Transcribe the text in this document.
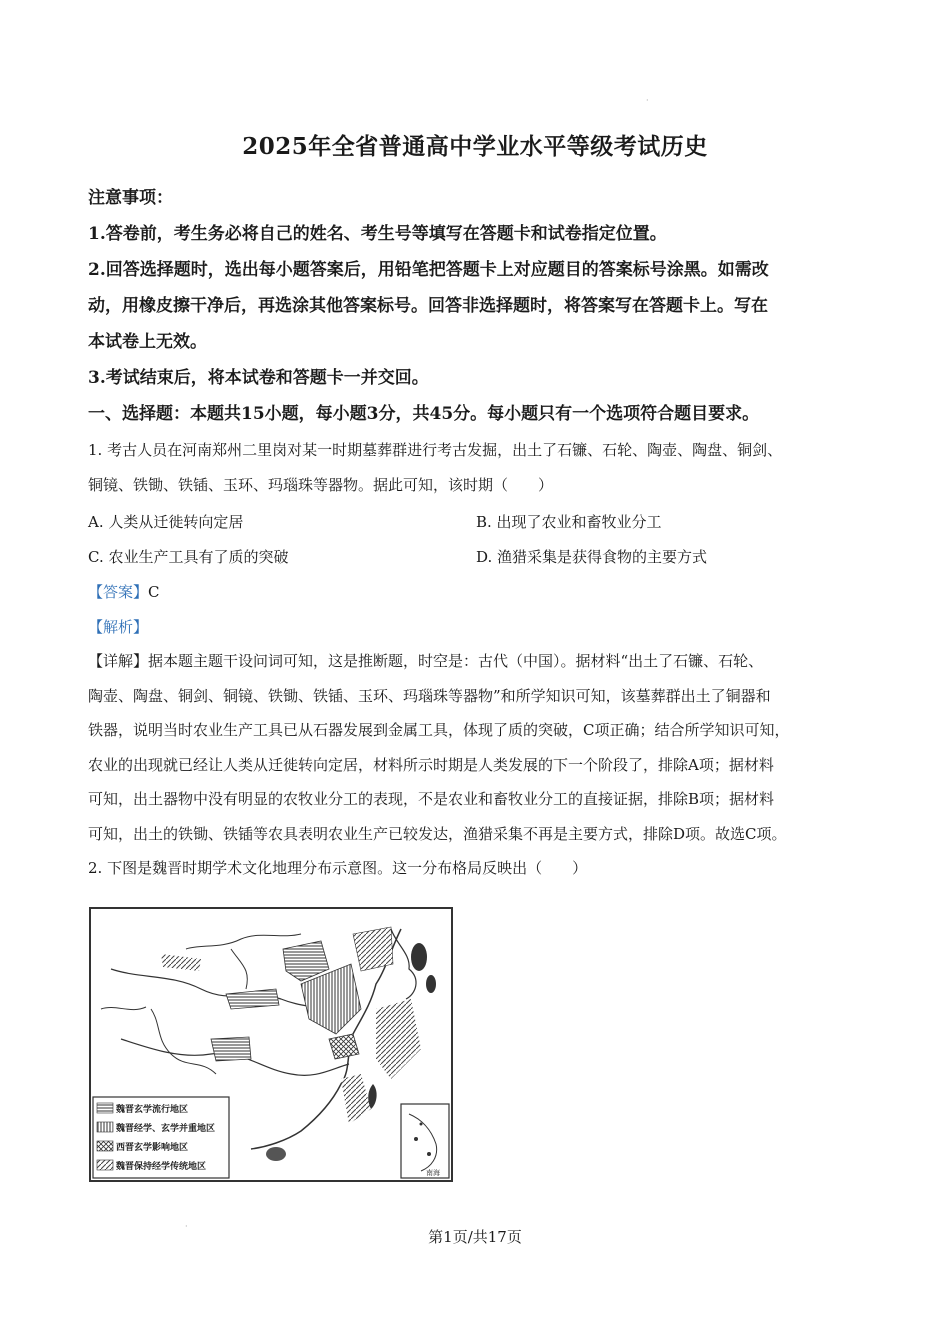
·
2025年全省普通高中学业水平等级考试历史

注意事项：

1.答卷前，考生务必将自己的姓名、考生号等填写在答题卡和试卷指定位置。

2.回答选择题时，选出每小题答案后，用铅笔把答题卡上对应题目的答案标号涂黑。如需改

动，用橡皮擦干净后，再选涂其他答案标号。回答非选择题时，将答案写在答题卡上。写在

本试卷上无效。

3.考试结束后，将本试卷和答题卡一并交回。

一、选择题：本题共15小题，每小题3分，共45分。每小题只有一个选项符合题目要求。

1. 考古人员在河南郑州二里岗对某一时期墓葬群进行考古发掘，出土了石镰、石轮、陶壶、陶盘、铜剑、

铜镜、铁锄、铁锸、玉环、玛瑙珠等器物。据此可知，该时期（　　）

A. 人类从迁徙转向定居	B. 出现了农业和畜牧业分工
C. 农业生产工具有了质的突破	D. 渔猎采集是获得食物的主要方式

【答案】C

【解析】

【详解】据本题主题干设问词可知，这是推断题，时空是：古代（中国）。据材料“出土了石镰、石轮、

陶壶、陶盘、铜剑、铜镜、铁锄、铁锸、玉环、玛瑙珠等器物”和所学知识可知，该墓葬群出土了铜器和

铁器，说明当时农业生产工具已从石器发展到金属工具，体现了质的突破，C项正确；结合所学知识可知，

农业的出现就已经让人类从迁徙转向定居，材料所示时期是人类发展的下一个阶段了，排除A项；据材料

可知，出土器物中没有明显的农牧业分工的表现，不是农业和畜牧业分工的直接证据，排除B项；据材料

可知，出土的铁锄、铁锸等农具表明农业生产已较发达，渔猎采集不再是主要方式，排除D项。故选C项。

2. 下图是魏晋时期学术文化地理分布示意图。这一分布格局反映出（　　）

魏晋玄学流行地区
魏晋经学、玄学并重地区
西晋玄学影响地区
魏晋保持经学传统地区
南海
·
第1页/共17页
